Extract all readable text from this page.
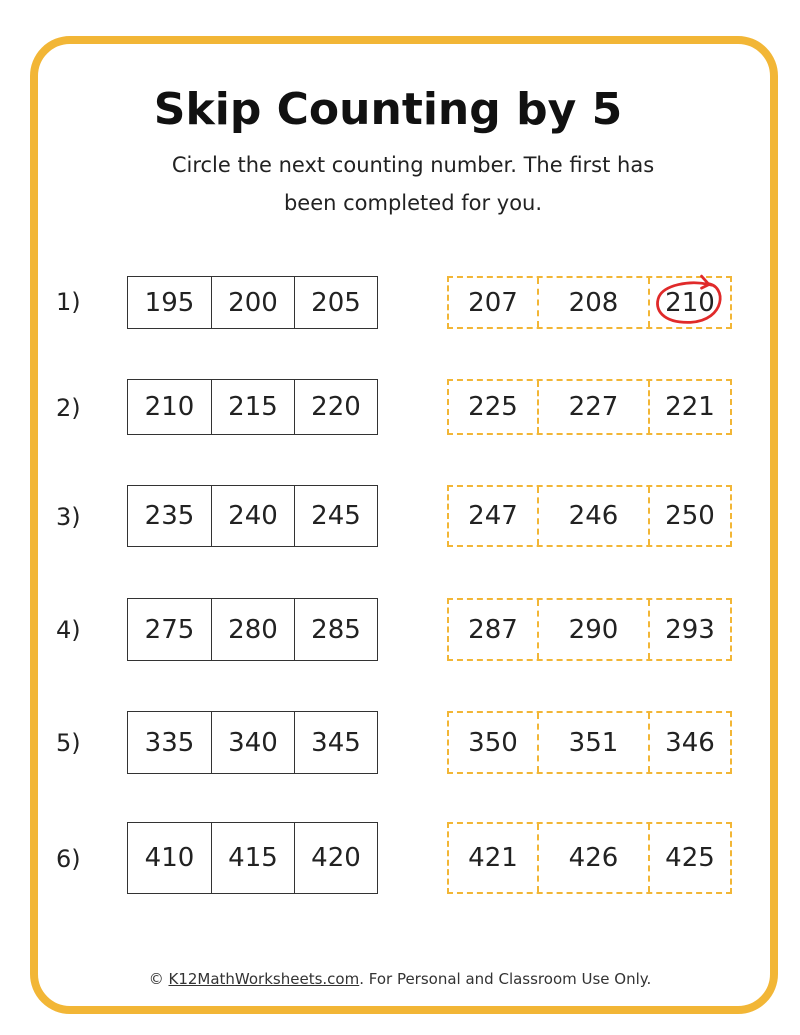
Skip Counting by 5
Circle the next counting number. The first has
been completed for you.
1)	195	200	205	207	208	210
2)	210	215	220	225	227	221
3)	235	240	245	247	246	250
4)	275	280	285	287	290	293
5)	335	340	345	350	351	346
6)	410	415	420	421	426	425
© K12MathWorksheets.com. For Personal and Classroom Use Only.
